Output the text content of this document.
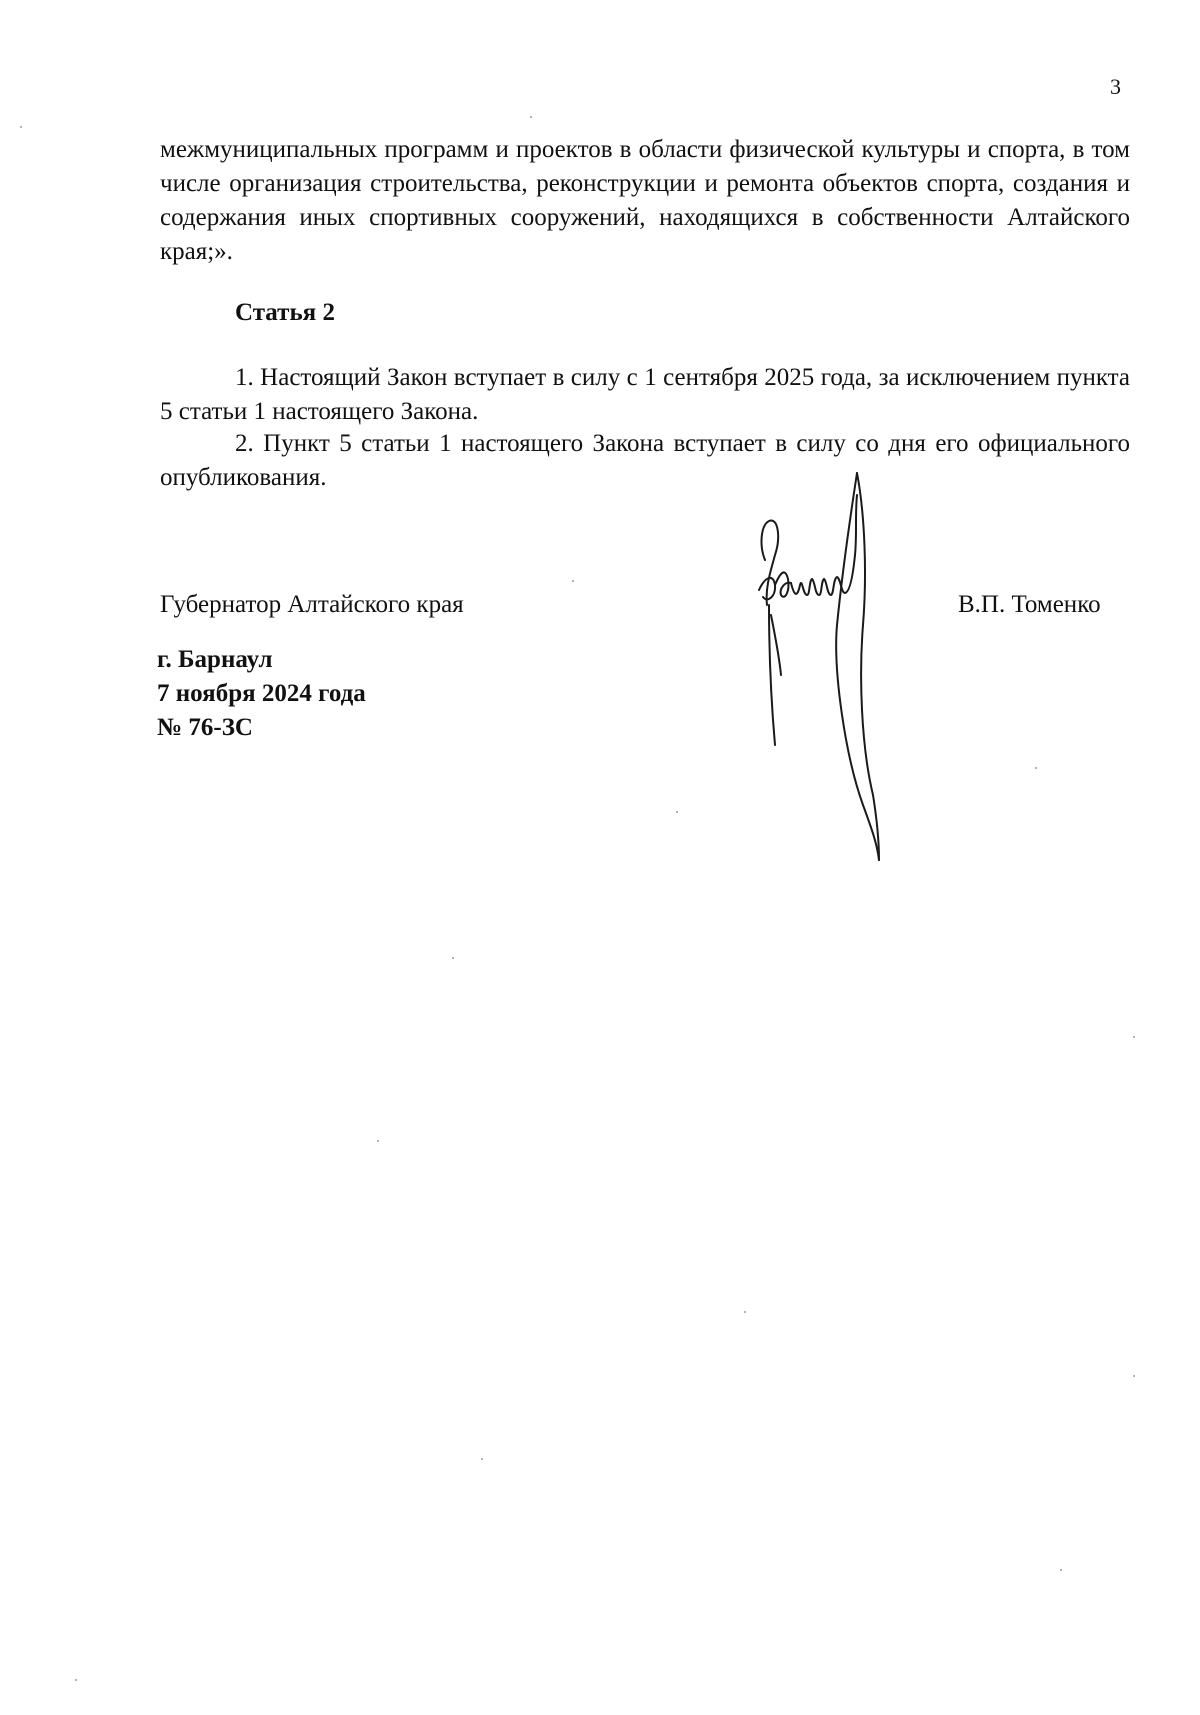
3

межмуниципальных программ и проектов в области физической культуры и спорта, в том числе организация строительства, реконструкции и ремонта объектов спорта, создания и содержания иных спортивных сооружений, находящихся в собственности Алтайского края;».

Статья 2

1. Настоящий Закон вступает в силу с 1 сентября 2025 года, за исключением пункта 5 статьи 1 настоящего Закона.

2. Пункт 5 статьи 1 настоящего Закона вступает в силу со дня его официального опубликования.

Губернатор Алтайского края	В.П. Томенко

г. Барнаул
7 ноября 2024 года
№ 76-ЗС
